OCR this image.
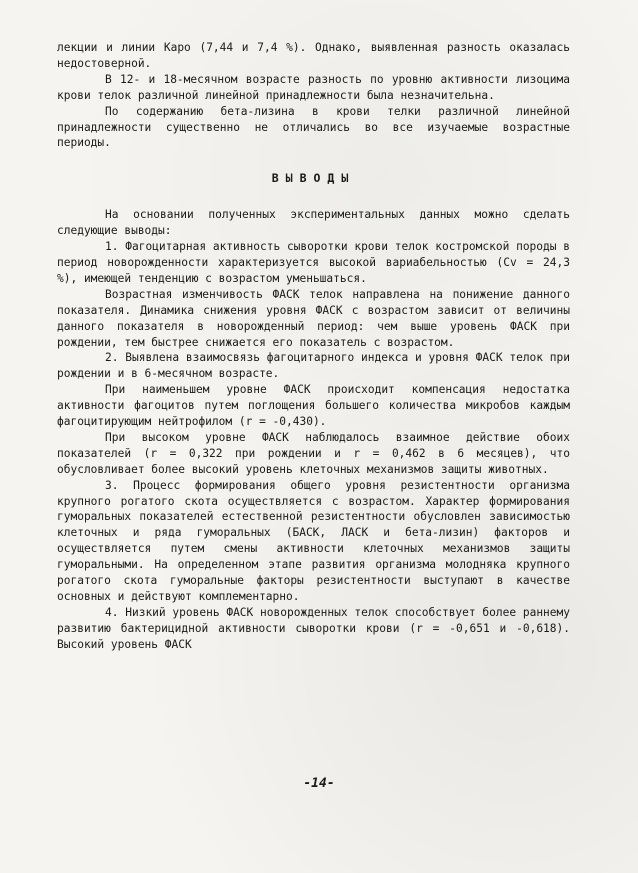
лекции и линии Каро (7,44 и 7,4 %). Однако, выявленная разность оказалась недостоверной.

В 12- и 18-месячном возрасте разность по уровню активности лизоцима крови телок различной линейной принадлежности была незначительна.

По содержанию бета-лизина в крови телки различной линейной принадлежности существенно не отличались во все изучаемые возрастные периоды.

ВЫВОДЫ

На основании полученных экспериментальных данных можно сделать следующие выводы:

1. Фагоцитарная активность сыворотки крови телок костромской породы в период новорожденности характеризуется высокой вариабельностью (Cv = 24,3 %), имеющей тенденцию с возрастом уменьшаться.

Возрастная изменчивость ФАСК телок направлена на понижение данного показателя. Динамика снижения уровня ФАСК с возрастом зависит от величины данного показателя в новорожденный период: чем выше уровень ФАСК при рождении, тем быстрее снижается его показатель с возрастом.

2. Выявлена взаимосвязь фагоцитарного индекса и уровня ФАСК телок при рождении и в 6-месячном возрасте.

При наименьшем уровне ФАСК происходит компенсация недостатка активности фагоцитов путем поглощения большего количества микробов каждым фагоцитирующим нейтрофилом (r = -0,430).

При высоком уровне ФАСК наблюдалось взаимное действие обоих показателей (r = 0,322 при рождении и r = 0,462 в 6 месяцев), что обусловливает более высокий уровень клеточных механизмов защиты животных.

3. Процесс формирования общего уровня резистентности организма крупного рогатого скота осуществляется с возрастом. Характер формирования гуморальных показателей естественной резистентности обусловлен зависимостью клеточных и ряда гуморальных (БАСК, ЛАСК и бета-лизин) факторов и осуществляется путем смены активности клеточных механизмов защиты гуморальными. На определенном этапе развития организма молодняка крупного рогатого скота гуморальные факторы резистентности выступают в качестве основных и действуют комплементарно.

4. Низкий уровень ФАСК новорожденных телок способствует более раннему развитию бактерицидной активности сыворотки крови (r = -0,651 и -0,618). Высокий уровень ФАСК

-14-
